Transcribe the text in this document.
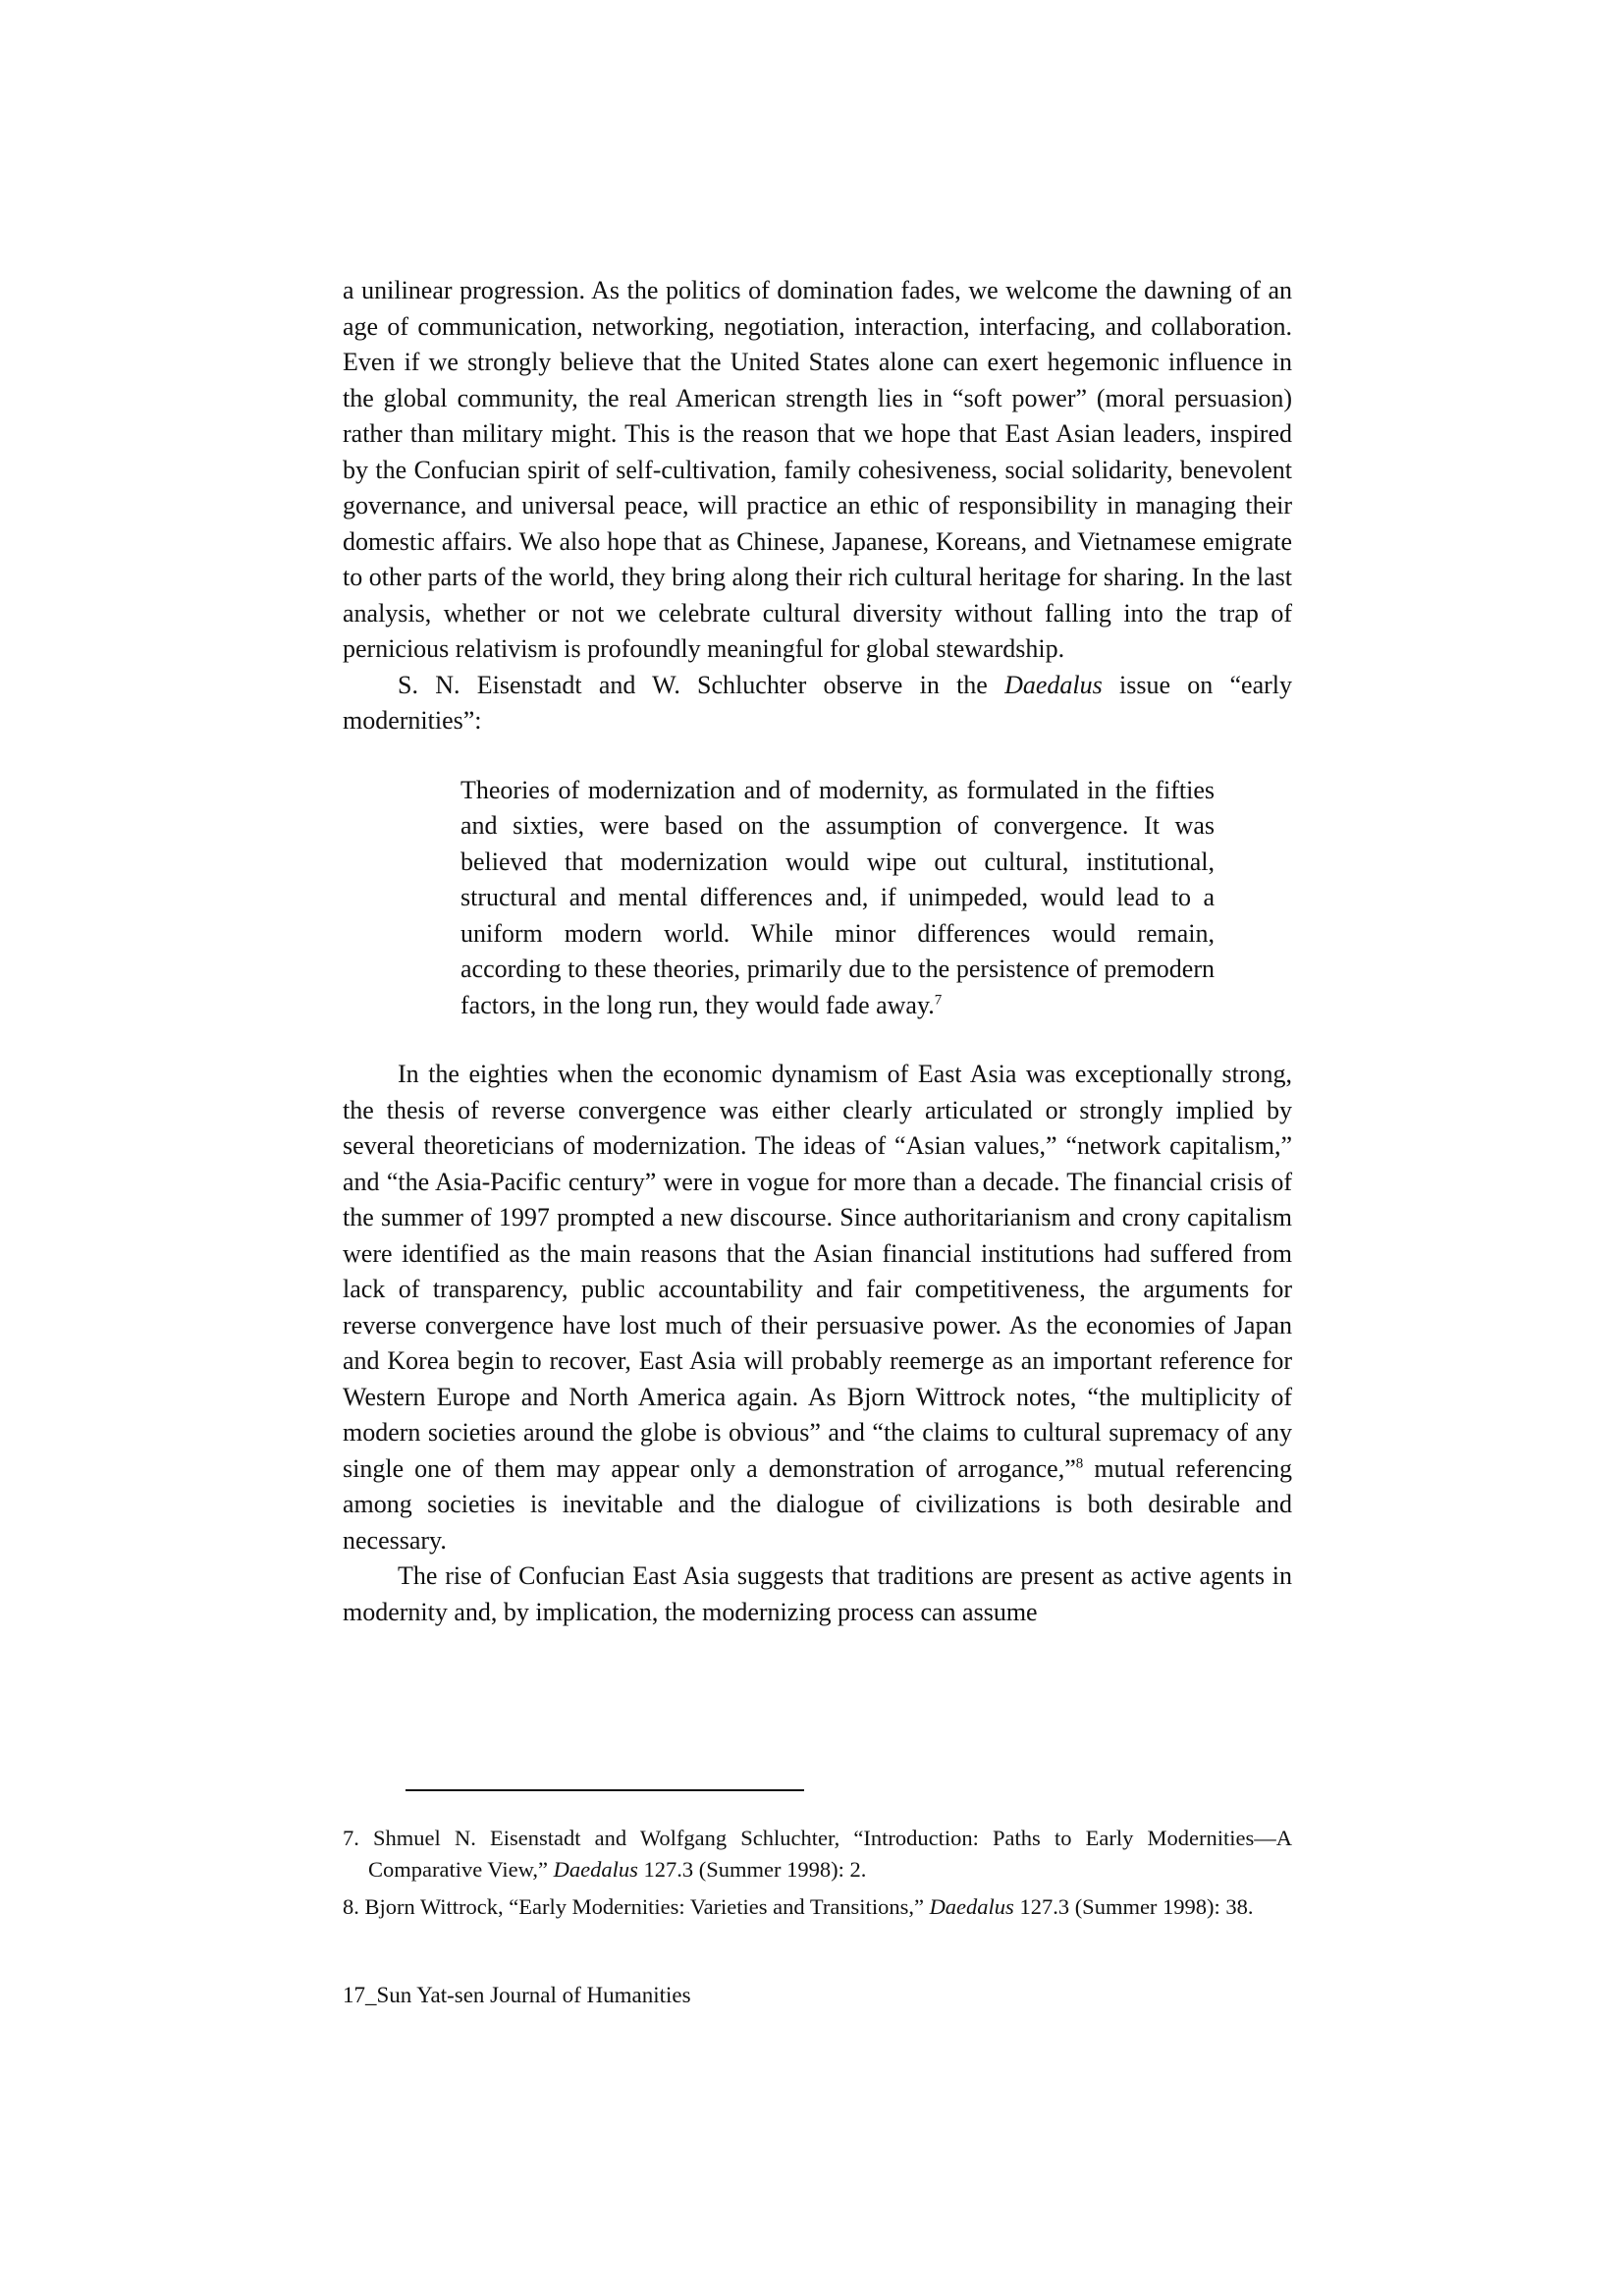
a unilinear progression. As the politics of domination fades, we welcome the dawning of an age of communication, networking, negotiation, interaction, interfacing, and collaboration. Even if we strongly believe that the United States alone can exert hegemonic influence in the global community, the real American strength lies in “soft power” (moral persuasion) rather than military might. This is the reason that we hope that East Asian leaders, inspired by the Confucian spirit of self-cultivation, family cohesiveness, social solidarity, benevolent governance, and universal peace, will practice an ethic of responsibility in managing their domestic affairs. We also hope that as Chinese, Japanese, Koreans, and Vietnamese emigrate to other parts of the world, they bring along their rich cultural heritage for sharing. In the last analysis, whether or not we celebrate cultural diversity without falling into the trap of pernicious relativism is profoundly meaningful for global stewardship.

S. N. Eisenstadt and W. Schluchter observe in the Daedalus issue on “early modernities”:

Theories of modernization and of modernity, as formulated in the fifties and sixties, were based on the assumption of convergence. It was believed that modernization would wipe out cultural, institutional, structural and mental differences and, if unimpeded, would lead to a uniform modern world. While minor differences would remain, according to these theories, primarily due to the persistence of premodern factors, in the long run, they would fade away.$^7$

In the eighties when the economic dynamism of East Asia was exceptionally strong, the thesis of reverse convergence was either clearly articulated or strongly implied by several theoreticians of modernization. The ideas of “Asian values,” “network capitalism,” and “the Asia-Pacific century” were in vogue for more than a decade. The financial crisis of the summer of 1997 prompted a new discourse. Since authoritarianism and crony capitalism were identified as the main reasons that the Asian financial institutions had suffered from lack of transparency, public accountability and fair competitiveness, the arguments for reverse convergence have lost much of their persuasive power. As the economies of Japan and Korea begin to recover, East Asia will probably reemerge as an important reference for Western Europe and North America again. As Bjorn Wittrock notes, “the multiplicity of modern societies around the globe is obvious” and “the claims to cultural supremacy of any single one of them may appear only a demonstration of arrogance,”$^8$ mutual referencing among societies is inevitable and the dialogue of civilizations is both desirable and necessary.

The rise of Confucian East Asia suggests that traditions are present as active agents in modernity and, by implication, the modernizing process can assume

7. Shmuel N. Eisenstadt and Wolfgang Schluchter, “Introduction: Paths to Early Modernities—A Comparative View,” Daedalus 127.3 (Summer 1998): 2.

8. Bjorn Wittrock, “Early Modernities: Varieties and Transitions,” Daedalus 127.3 (Summer 1998): 38.

17_Sun Yat-sen Journal of Humanities
